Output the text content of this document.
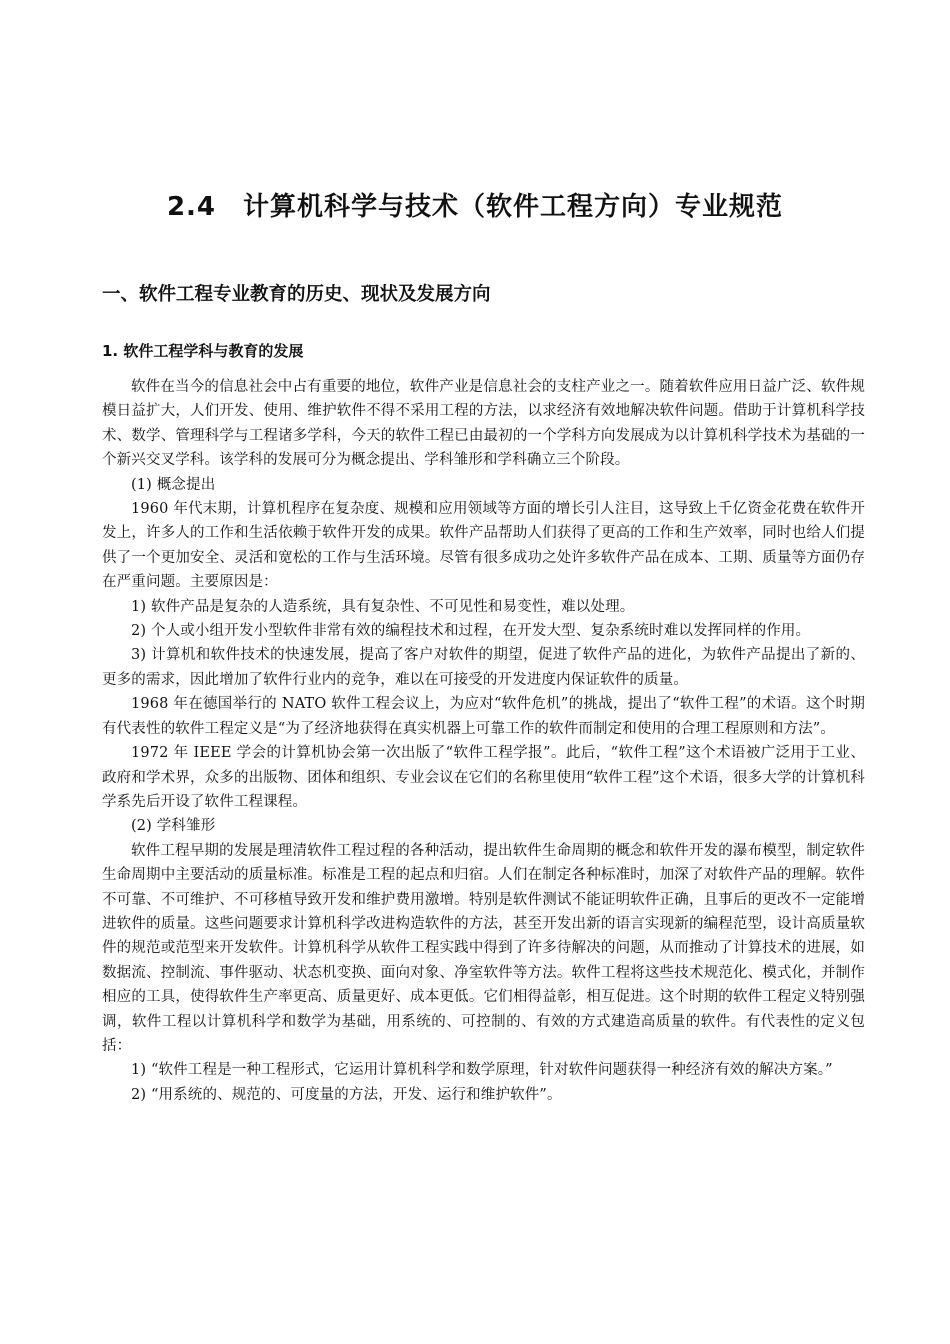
2.4　计算机科学与技术（软件工程方向）专业规范
一、软件工程专业教育的历史、现状及发展方向
1. 软件工程学科与教育的发展

软件在当今的信息社会中占有重要的地位，软件产业是信息社会的支柱产业之一。随着软件应用日益广泛、软件规模日益扩大，人们开发、使用、维护软件不得不采用工程的方法，以求经济有效地解决软件问题。借助于计算机科学技术、数学、管理科学与工程诸多学科，今天的软件工程已由最初的一个学科方向发展成为以计算机科学技术为基础的一个新兴交叉学科。该学科的发展可分为概念提出、学科雏形和学科确立三个阶段。

(1) 概念提出

1960 年代末期，计算机程序在复杂度、规模和应用领域等方面的增长引人注目，这导致上千亿资金花费在软件开发上，许多人的工作和生活依赖于软件开发的成果。软件产品帮助人们获得了更高的工作和生产效率，同时也给人们提供了一个更加安全、灵活和宽松的工作与生活环境。尽管有很多成功之处许多软件产品在成本、工期、质量等方面仍存在严重问题。主要原因是：

1) 软件产品是复杂的人造系统，具有复杂性、不可见性和易变性，难以处理。

2) 个人或小组开发小型软件非常有效的编程技术和过程，在开发大型、复杂系统时难以发挥同样的作用。

3) 计算机和软件技术的快速发展，提高了客户对软件的期望，促进了软件产品的进化，为软件产品提出了新的、更多的需求，因此增加了软件行业内的竞争，难以在可接受的开发进度内保证软件的质量。

1968 年在德国举行的 NATO 软件工程会议上，为应对“软件危机”的挑战，提出了“软件工程”的术语。这个时期有代表性的软件工程定义是“为了经济地获得在真实机器上可靠工作的软件而制定和使用的合理工程原则和方法”。

1972 年 IEEE 学会的计算机协会第一次出版了“软件工程学报”。此后，“软件工程”这个术语被广泛用于工业、政府和学术界，众多的出版物、团体和组织、专业会议在它们的名称里使用“软件工程”这个术语，很多大学的计算机科学系先后开设了软件工程课程。

(2) 学科雏形

软件工程早期的发展是理清软件工程过程的各种活动，提出软件生命周期的概念和软件开发的瀑布模型，制定软件生命周期中主要活动的质量标准。标准是工程的起点和归宿。人们在制定各种标准时，加深了对软件产品的理解。软件不可靠、不可维护、不可移植导致开发和维护费用激增。特别是软件测试不能证明软件正确，且事后的更改不一定能增进软件的质量。这些问题要求计算机科学改进构造软件的方法，甚至开发出新的语言实现新的编程范型，设计高质量软件的规范或范型来开发软件。计算机科学从软件工程实践中得到了许多待解决的问题，从而推动了计算技术的进展，如数据流、控制流、事件驱动、状态机变换、面向对象、净室软件等方法。软件工程将这些技术规范化、模式化，并制作相应的工具，使得软件生产率更高、质量更好、成本更低。它们相得益彰，相互促进。这个时期的软件工程定义特别强调，软件工程以计算机科学和数学为基础，用系统的、可控制的、有效的方式建造高质量的软件。有代表性的定义包括：

1) “软件工程是一种工程形式，它运用计算机科学和数学原理，针对软件问题获得一种经济有效的解决方案。”

2) “用系统的、规范的、可度量的方法，开发、运行和维护软件”。
